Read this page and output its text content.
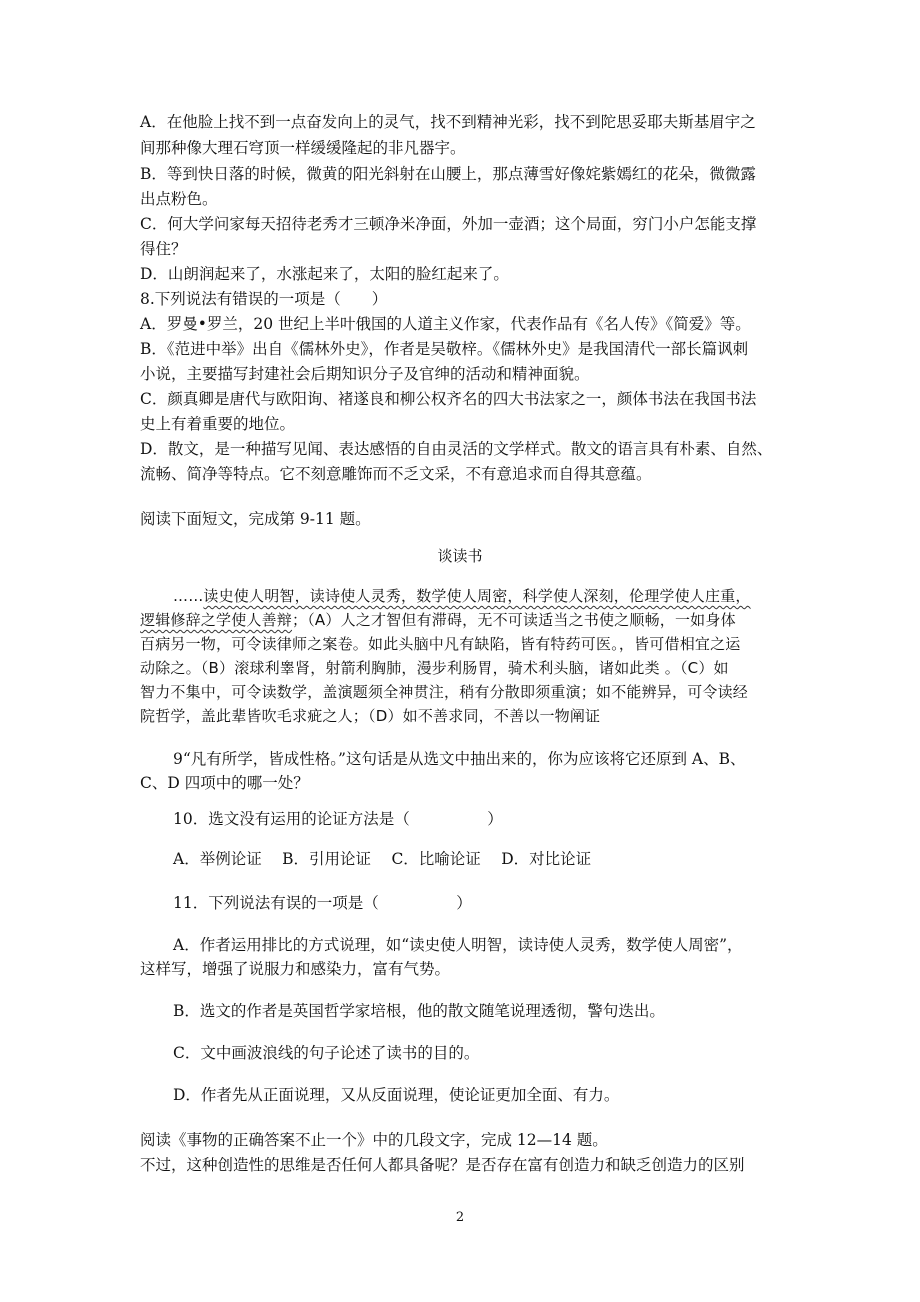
A．在他脸上找不到一点奋发向上的灵气，找不到精神光彩，找不到陀思妥耶夫斯基眉宇之
间那种像大理石穹顶一样缓缓隆起的非凡器宇。
B．等到快日落的时候，微黄的阳光斜射在山腰上，那点薄雪好像姹紫嫣红的花朵，微微露
出点粉色。
C．何大学问家每天招待老秀才三顿净米净面，外加一壶酒；这个局面，穷门小户怎能支撑
得住？
D．山朗润起来了，水涨起来了，太阳的脸红起来了。
8.下列说法有错误的一项是（　　）
A．罗曼•罗兰，20 世纪上半叶俄国的人道主义作家，代表作品有《名人传》《简爱》等。
B．《范进中举》出自《儒林外史》，作者是吴敬梓。《儒林外史》是我国清代一部长篇讽刺
小说，主要描写封建社会后期知识分子及官绅的活动和精神面貌。
C．颜真卿是唐代与欧阳询、褚遂良和柳公权齐名的四大书法家之一，颜体书法在我国书法
史上有着重要的地位。
D．散文，是一种描写见闻、表达感悟的自由灵活的文学样式。散文的语言具有朴素、自然、
流畅、简净等特点。它不刻意雕饰而不乏文采，不有意追求而自得其意蕴。
阅读下面短文，完成第 9-11 题。
谈读书
……读史使人明智，读诗使人灵秀，数学使人周密，科学使人深刻，伦理学使人庄重，
逻辑修辞之学使人善辩；（A）人之才智但有滞碍，无不可读适当之书使之顺畅，一如身体
百病另一物，可令读律师之案卷。如此头脑中凡有缺陷，皆有特药可医。，皆可借相宜之运
动除之。（B）滚球利睾肾，射箭利胸肺，漫步利肠胃，骑术利头脑，诸如此类 。（C）如
智力不集中，可令读数学，盖演题须全神贯注，稍有分散即须重演；如不能辨异，可令读经
院哲学，盖此辈皆吹毛求疵之人；（D）如不善求同，不善以一物阐证
9“凡有所学，皆成性格。”这句话是从选文中抽出来的，你为应该将它还原到 A、B、
C、D 四项中的哪一处？
10．选文没有运用的论证方法是（　　　　　）
A．举例论证　 B．引用论证　 C．比喻论证　 D．对比论证
11．下列说法有误的一项是（　　　　　）
A．作者运用排比的方式说理，如“读史使人明智，读诗使人灵秀，数学使人周密”，
这样写，增强了说服力和感染力，富有气势。
B．选文的作者是英国哲学家培根，他的散文随笔说理透彻，警句迭出。
C．文中画波浪线的句子论述了读书的目的。
D．作者先从正面说理，又从反面说理，使论证更加全面、有力。
阅读《事物的正确答案不止一个》中的几段文字，完成 12—14 题。
不过，这种创造性的思维是否任何人都具备呢？是否存在富有创造力和缺乏创造力的区别
2
